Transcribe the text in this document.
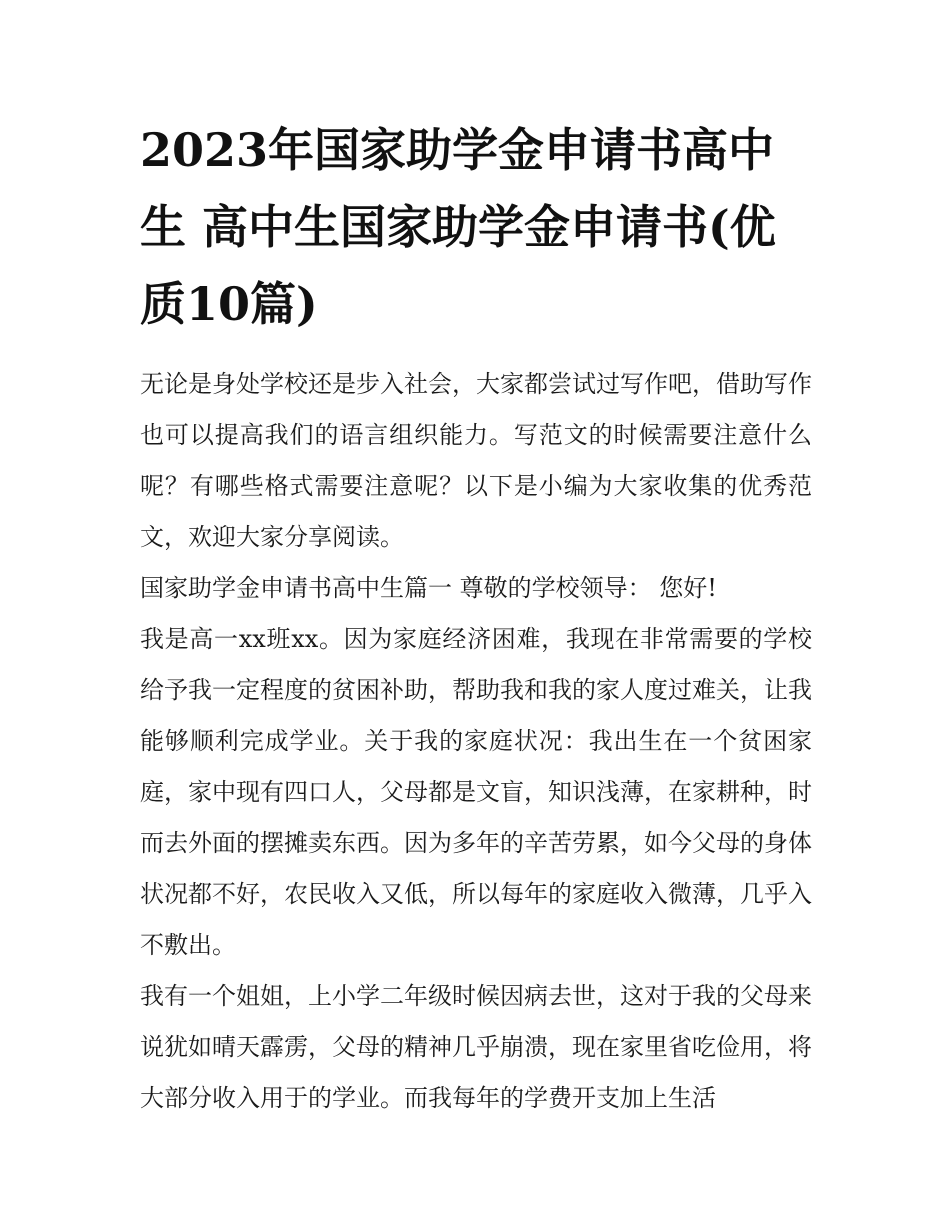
2023年国家助学金申请书高中生 高中生国家助学金申请书(优质10篇)

无论是身处学校还是步入社会，大家都尝试过写作吧，借助写作也可以提高我们的语言组织能力。写范文的时候需要注意什么呢？有哪些格式需要注意呢？以下是小编为大家收集的优秀范文，欢迎大家分享阅读。

国家助学金申请书高中生篇一 尊敬的学校领导： 您好!

我是高一xx班xx。因为家庭经济困难，我现在非常需要的学校给予我一定程度的贫困补助，帮助我和我的家人度过难关，让我能够顺利完成学业。关于我的家庭状况：我出生在一个贫困家庭，家中现有四口人，父母都是文盲，知识浅薄，在家耕种，时而去外面的摆摊卖东西。因为多年的辛苦劳累，如今父母的身体状况都不好，农民收入又低，所以每年的家庭收入微薄，几乎入不敷出。

我有一个姐姐，上小学二年级时候因病去世，这对于我的父母来说犹如晴天霹雳，父母的精神几乎崩溃，现在家里省吃俭用，将大部分收入用于的学业。而我每年的学费开支加上生活
